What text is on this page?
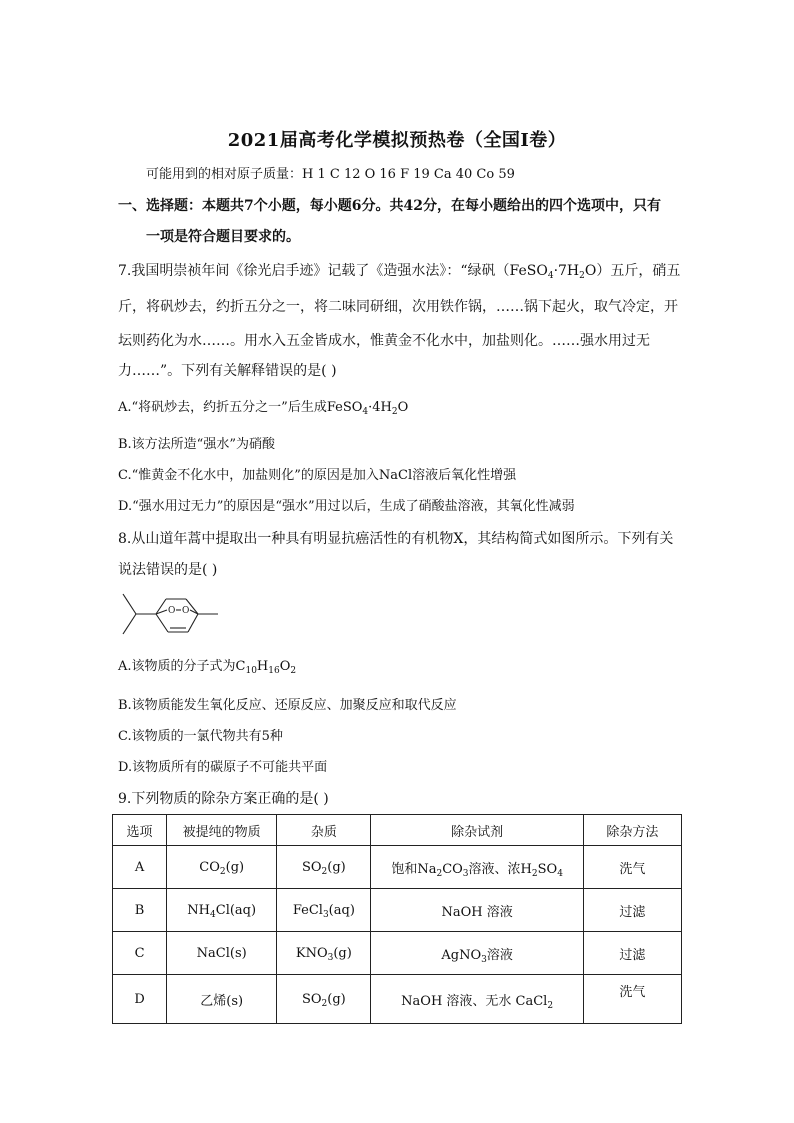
2021届高考化学模拟预热卷（全国Ⅰ卷）
可能用到的相对原子质量：H 1 C 12 O 16 F 19 Ca 40 Co 59
一、选择题：本题共7个小题，每小题6分。共42分，在每小题给出的四个选项中，只有
一项是符合题目要求的。
7.我国明崇祯年间《徐光启手迹》记载了《造强水法》：“绿矾$(FeSO_4\cdot 7H_2O)$五斤，硝五
斤，将矾炒去，约折五分之一，将二味同研细，次用铁作锅，……锅下起火，取气冷定，开
坛则药化为水……。用水入五金皆成水，惟黄金不化水中，加盐则化。……强水用过无
力……”。下列有关解释错误的是( )
A.“将矾炒去，约折五分之一”后生成$FeSO_4\cdot 4H_2O$
B.该方法所造“强水”为硝酸
C.“惟黄金不化水中，加盐则化”的原因是加入NaCl溶液后氧化性增强
D.“强水用过无力”的原因是“强水”用过以后，生成了硝酸盐溶液，其氧化性减弱
8.从山道年蒿中提取出一种具有明显抗癌活性的有机物X，其结构简式如图所示。下列有关
说法错误的是( )
O O
A.该物质的分子式为$C_{10}H_{16}O_2$
B.该物质能发生氧化反应、还原反应、加聚反应和取代反应
C.该物质的一氯代物共有5种
D.该物质所有的碳原子不可能共平面
9.下列物质的除杂方案正确的是( )
选项	被提纯的物质	杂质	除杂试剂	除杂方法
A	$CO_2(g)$	$SO_2(g)$	饱和$Na_2CO_3$溶液、浓$H_2SO_4$	洗气
B	$NH_4Cl(aq)$	FeCl$_3$(aq)	NaOH 溶液	过滤
C	NaCl(s)	$KNO_3(g)$	AgNO$_3$溶液	过滤
D	乙烯(s)	$SO_2(g)$	NaOH 溶液、无水 CaCl$_2$	洗气
